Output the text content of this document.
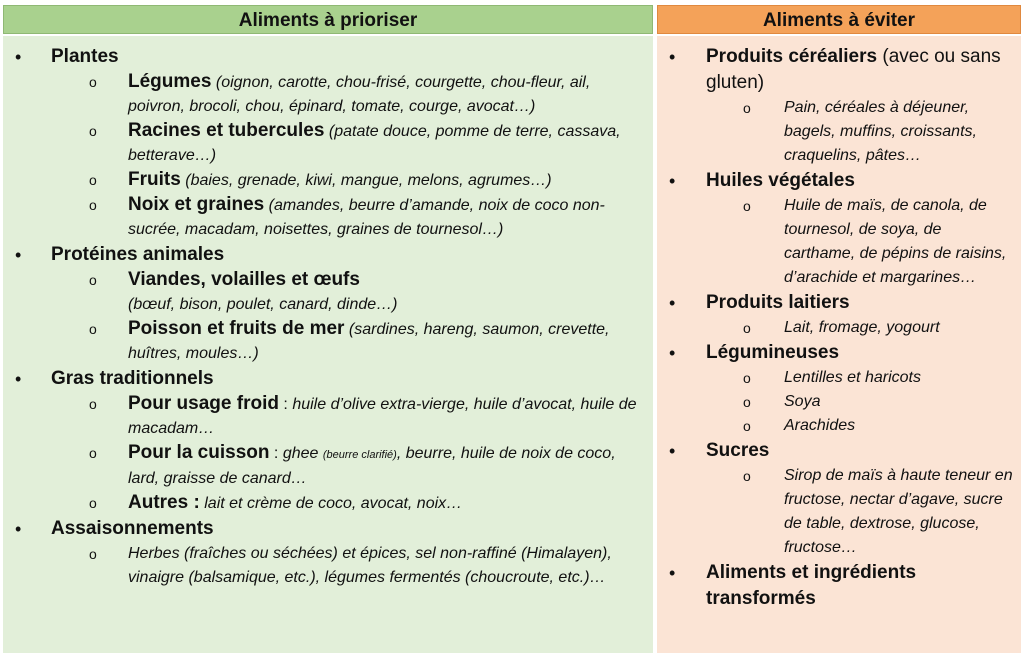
Aliments à prioriser
• Plantes
o Légumes (oignon, carotte, chou-frisé, courgette, chou-fleur, ail, poivron, brocoli, chou, épinard, tomate, courge, avocat…)
o Racines et tubercules (patate douce, pomme de terre, cassava, betterave…)
o Fruits (baies, grenade, kiwi, mangue, melons, agrumes…)
o Noix et graines (amandes, beurre d’amande, noix de coco non-sucrée, macadam, noisettes, graines de tournesol…)
• Protéines animales
o Viandes, volailles et œufs
(bœuf, bison, poulet, canard, dinde…)
o Poisson et fruits de mer (sardines, hareng, saumon, crevette, huîtres, moules…)
• Gras traditionnels
o Pour usage froid : huile d’olive extra-vierge, huile d’avocat, huile de macadam…
o Pour la cuisson : ghee (beurre clarifié), beurre, huile de noix de coco, lard, graisse de canard…
o Autres : lait et crème de coco, avocat, noix…
• Assaisonnements
o Herbes (fraîches ou séchées) et épices, sel non-raffiné (Himalayen), vinaigre (balsamique, etc.), légumes fermentés (choucroute, etc.)…
Aliments à éviter
• Produits céréaliers (avec ou sans gluten)
o Pain, céréales à déjeuner, bagels, muffins, croissants, craquelins, pâtes…
• Huiles végétales
o Huile de maïs, de canola, de tournesol, de soya, de carthame, de pépins de raisins, d’arachide et margarines…
• Produits laitiers
o Lait, fromage, yogourt
• Légumineuses
o Lentilles et haricots
o Soya
o Arachides
• Sucres
o Sirop de maïs à haute teneur en fructose, nectar d’agave, sucre de table, dextrose, glucose, fructose…
• Aliments et ingrédients transformés
